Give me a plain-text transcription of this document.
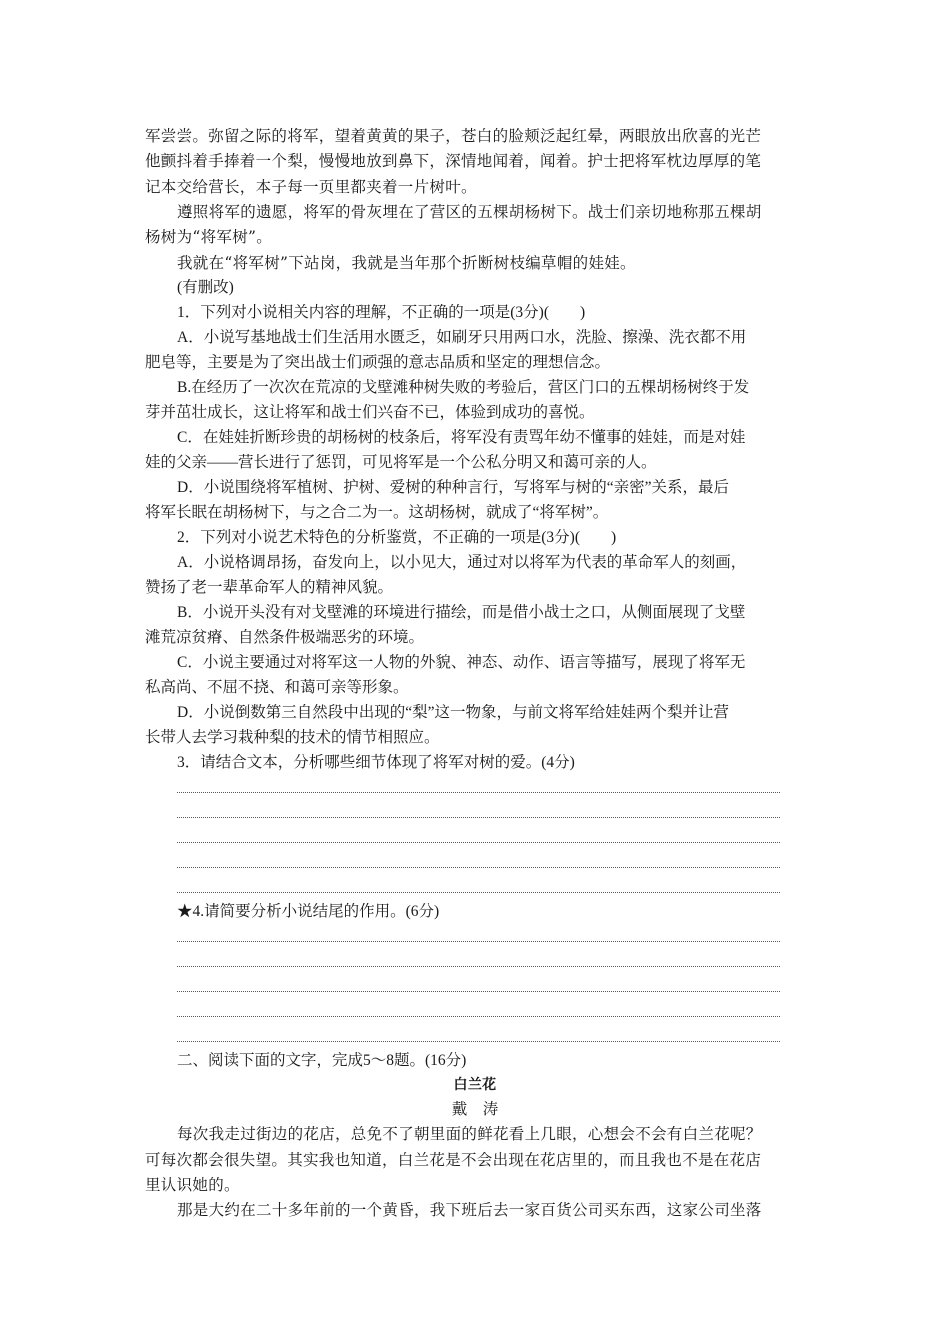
军尝尝。弥留之际的将军，望着黄黄的果子，苍白的脸颊泛起红晕，两眼放出欣喜的光芒
他颤抖着手捧着一个梨，慢慢地放到鼻下，深情地闻着，闻着。护士把将军枕边厚厚的笔
记本交给营长，本子每一页里都夹着一片树叶。
遵照将军的遗愿，将军的骨灰埋在了营区的五棵胡杨树下。战士们亲切地称那五棵胡
杨树为“将军树”。
我就在“将军树”下站岗，我就是当年那个折断树枝编草帽的娃娃。
(有删改)
1．下列对小说相关内容的理解，不正确的一项是(3分)(　　)
A．小说写基地战士们生活用水匮乏，如刷牙只用两口水，洗脸、擦澡、洗衣都不用
肥皂等，主要是为了突出战士们顽强的意志品质和坚定的理想信念。
B.在经历了一次次在荒凉的戈壁滩种树失败的考验后，营区门口的五棵胡杨树终于发
芽并茁壮成长，这让将军和战士们兴奋不已，体验到成功的喜悦。
C．在娃娃折断珍贵的胡杨树的枝条后，将军没有责骂年幼不懂事的娃娃，而是对娃
娃的父亲——营长进行了惩罚，可见将军是一个公私分明又和蔼可亲的人。
D．小说围绕将军植树、护树、爱树的种种言行，写将军与树的“亲密”关系，最后
将军长眠在胡杨树下，与之合二为一。这胡杨树，就成了“将军树”。
2．下列对小说艺术特色的分析鉴赏，不正确的一项是(3分)(　　)
A．小说格调昂扬，奋发向上，以小见大，通过对以将军为代表的革命军人的刻画，
赞扬了老一辈革命军人的精神风貌。
B．小说开头没有对戈壁滩的环境进行描绘，而是借小战士之口，从侧面展现了戈壁
滩荒凉贫瘠、自然条件极端恶劣的环境。
C．小说主要通过对将军这一人物的外貌、神态、动作、语言等描写，展现了将军无
私高尚、不屈不挠、和蔼可亲等形象。
D．小说倒数第三自然段中出现的“梨”这一物象，与前文将军给娃娃两个梨并让营
长带人去学习栽种梨的技术的情节相照应。
3．请结合文本，分析哪些细节体现了将军对树的爱。(4分)
★4.请简要分析小说结尾的作用。(6分)
二、阅读下面的文字，完成5～8题。(16分)
白兰花
戴　涛
每次我走过街边的花店，总免不了朝里面的鲜花看上几眼，心想会不会有白兰花呢？
可每次都会很失望。其实我也知道，白兰花是不会出现在花店里的，而且我也不是在花店
里认识她的。
那是大约在二十多年前的一个黄昏，我下班后去一家百货公司买东西，这家公司坐落
